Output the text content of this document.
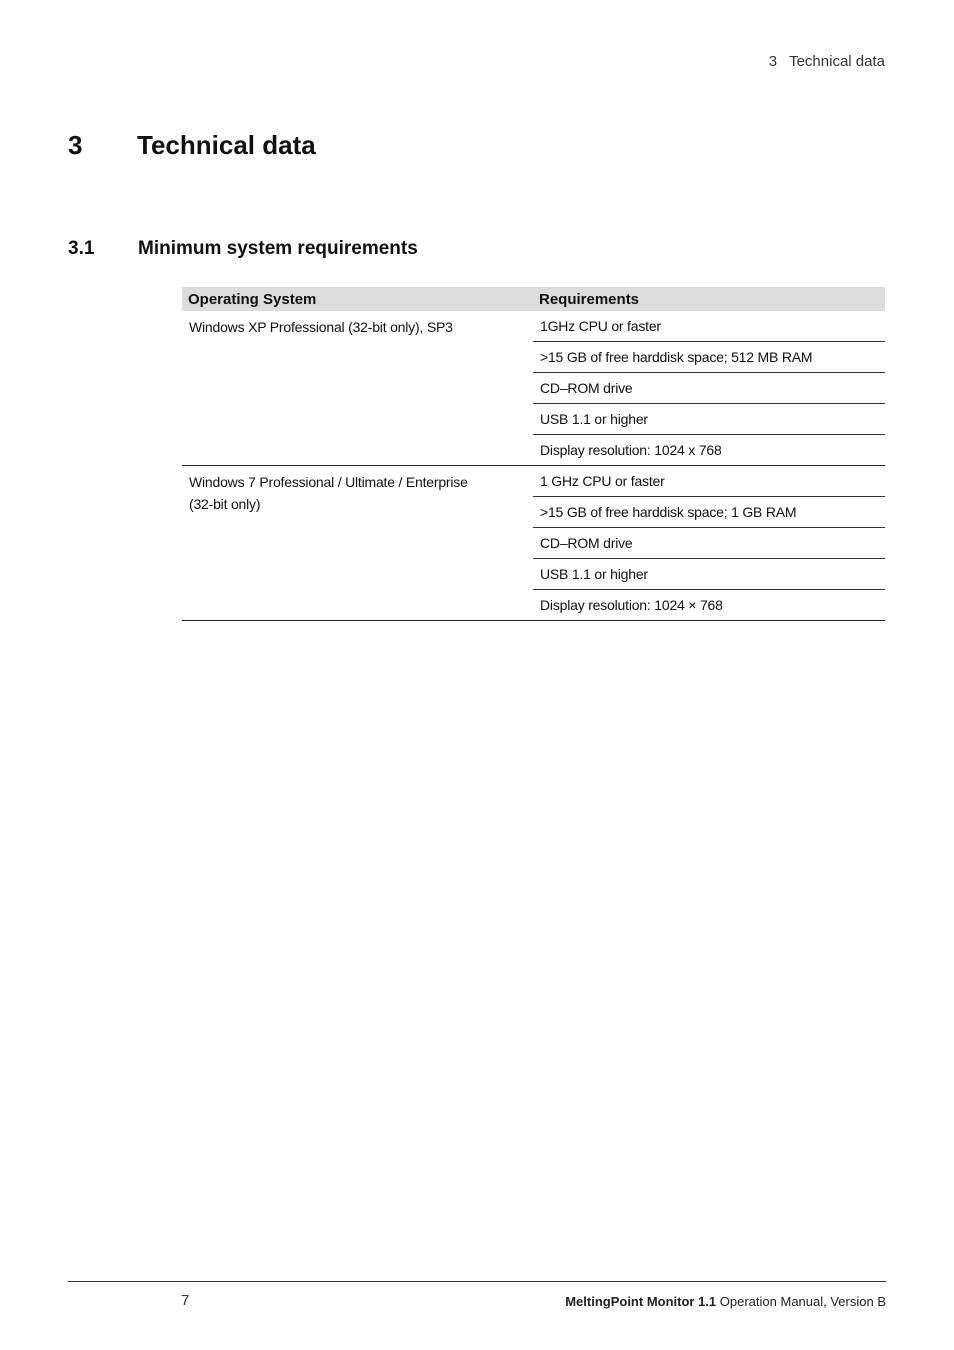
3 Technical data
3 Technical data
3.1 Minimum system requirements
Operating System	Requirements
Windows XP Professional (32-bit only), SP3	1GHz CPU or faster
	>15 GB of free harddisk space; 512 MB RAM
	CD–ROM drive
	USB 1.1 or higher
	Display resolution: 1024 x 768
Windows 7 Professional / Ultimate / Enterprise (32-bit only)	1 GHz CPU or faster
	>15 GB of free harddisk space; 1 GB RAM
	CD–ROM drive
	USB 1.1 or higher
	Display resolution: 1024 × 768
7	MeltingPoint Monitor 1.1 Operation Manual, Version B
